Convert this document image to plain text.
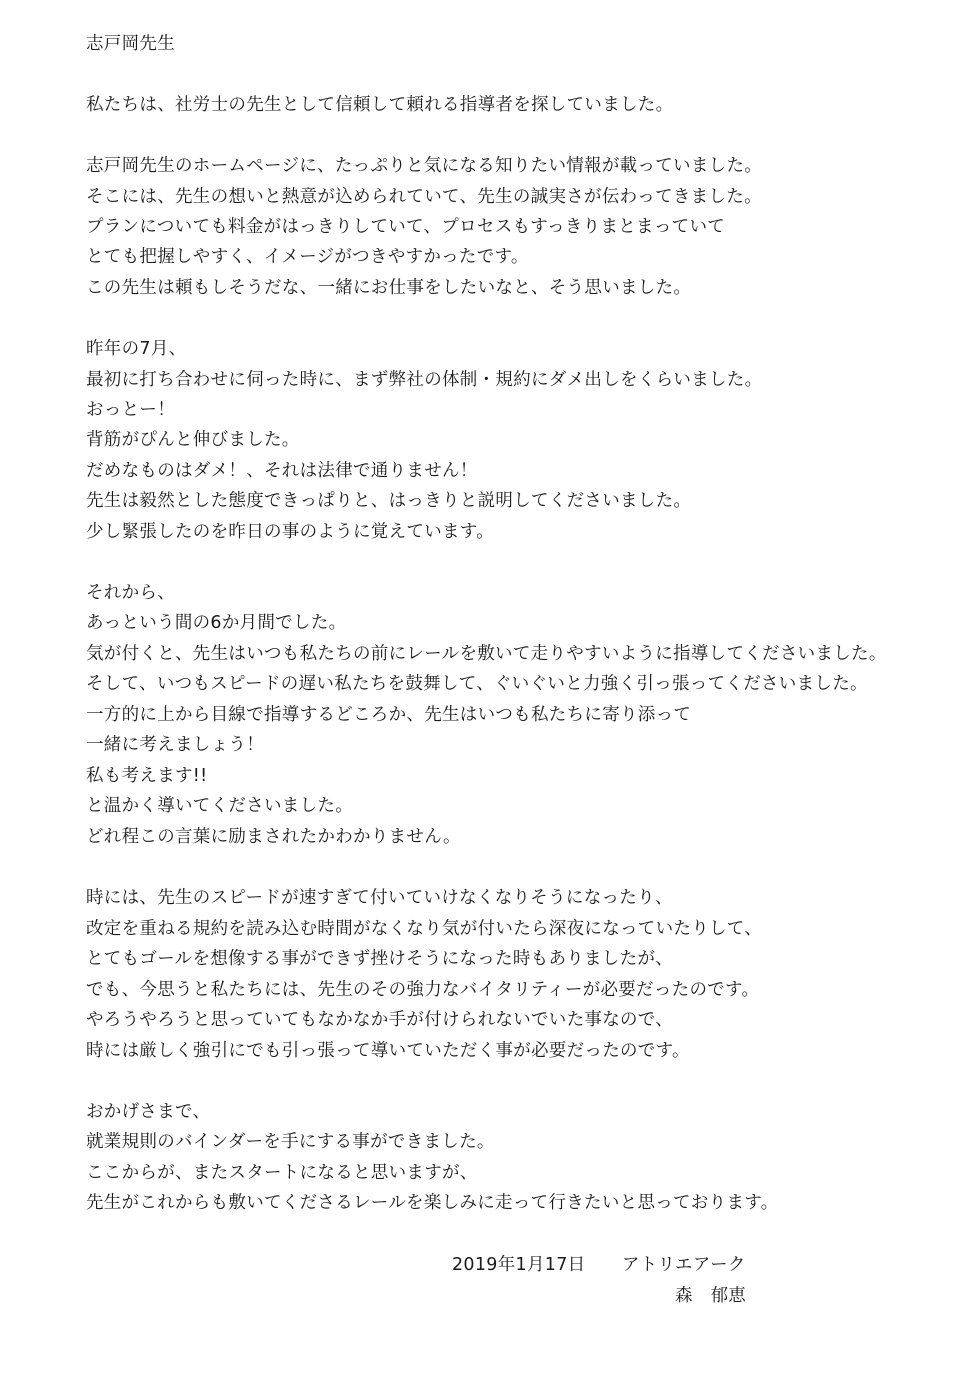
志戸岡先生
私たちは、社労士の先生として信頼して頼れる指導者を探していました。
志戸岡先生のホームページに、たっぷりと気になる知りたい情報が載っていました。
そこには、先生の想いと熱意が込められていて、先生の誠実さが伝わってきました。
プランについても料金がはっきりしていて、プロセスもすっきりまとまっていて
とても把握しやすく、イメージがつきやすかったです。
この先生は頼もしそうだな、一緒にお仕事をしたいなと、そう思いました。
昨年の7月、
最初に打ち合わせに伺った時に、まず弊社の体制・規約にダメ出しをくらいました。
おっとー！
背筋がぴんと伸びました。
だめなものはダメ！、それは法律で通りません！
先生は毅然とした態度できっぱりと、はっきりと説明してくださいました。
少し緊張したのを昨日の事のように覚えています。
それから、
あっという間の6か月間でした。
気が付くと、先生はいつも私たちの前にレールを敷いて走りやすいように指導してくださいました。
そして、いつもスピードの遅い私たちを鼓舞して、ぐいぐいと力強く引っ張ってくださいました。
一方的に上から目線で指導するどころか、先生はいつも私たちに寄り添って
一緒に考えましょう！
私も考えます!!
と温かく導いてくださいました。
どれ程この言葉に励まされたかわかりません。
時には、先生のスピードが速すぎて付いていけなくなりそうになったり、
改定を重ねる規約を読み込む時間がなくなり気が付いたら深夜になっていたりして、
とてもゴールを想像する事ができず挫けそうになった時もありましたが、
でも、今思うと私たちには、先生のその強力なバイタリティーが必要だったのです。
やろうやろうと思っていてもなかなか手が付けられないでいた事なので、
時には厳しく強引にでも引っ張って導いていただく事が必要だったのです。
おかげさまで、
就業規則のバインダーを手にする事ができました。
ここからが、またスタートになると思いますが、
先生がこれからも敷いてくださるレールを楽しみに走って行きたいと思っております。
2019年1月17日 アトリエアーク
森　郁恵
